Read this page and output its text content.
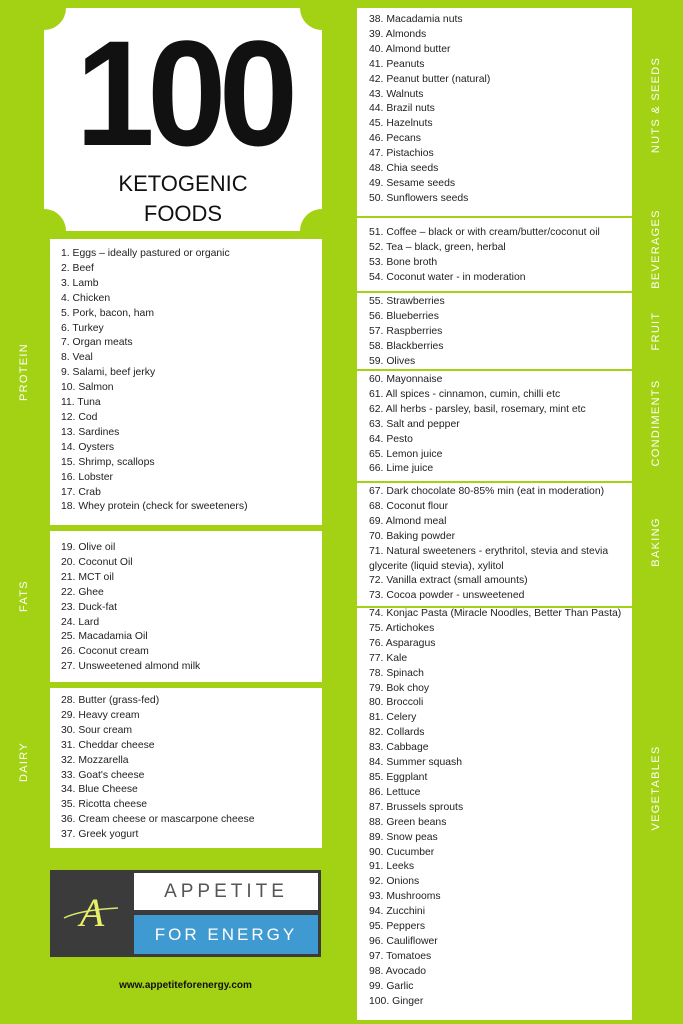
100
KETOGENIC
FOODS
1. Eggs – ideally pastured or organic
2. Beef
3. Lamb
4. Chicken
5. Pork, bacon, ham
6. Turkey
7. Organ meats
8. Veal
9. Salami, beef jerky
10. Salmon
11. Tuna
12. Cod
13. Sardines
14. Oysters
15. Shrimp, scallops
16. Lobster
17. Crab
18. Whey protein (check for sweeteners)
19. Olive oil
20. Coconut Oil
21. MCT oil
22. Ghee
23. Duck-fat
24. Lard
25. Macadamia Oil
26. Coconut cream
27. Unsweetened almond milk
28. Butter (grass-fed)
29. Heavy cream
30. Sour cream
31. Cheddar cheese
32. Mozzarella
33. Goat's cheese
34. Blue Cheese
35. Ricotta cheese
36. Cream cheese or mascarpone cheese
37. Greek yogurt
38. Macadamia nuts
39. Almonds
40. Almond butter
41. Peanuts
42. Peanut butter (natural)
43. Walnuts
44. Brazil nuts
45. Hazelnuts
46. Pecans
47. Pistachios
48. Chia seeds
49. Sesame seeds
50. Sunflowers seeds
51. Coffee – black or with cream/butter/coconut oil
52. Tea – black, green, herbal
53. Bone broth
54. Coconut water - in moderation
55. Strawberries
56. Blueberries
57. Raspberries
58. Blackberries
59. Olives
60. Mayonnaise
61. All spices - cinnamon, cumin, chilli etc
62. All herbs - parsley, basil, rosemary, mint etc
63. Salt and pepper
64. Pesto
65. Lemon juice
66. Lime juice
67. Dark chocolate 80-85% min (eat in moderation)
68. Coconut flour
69. Almond meal
70. Baking powder
71. Natural sweeteners - erythritol, stevia and stevia glycerite (liquid stevia), xylitol
72. Vanilla extract (small amounts)
73. Cocoa powder - unsweetened
74. Konjac Pasta (Miracle Noodles, Better Than Pasta)
75. Artichokes
76. Asparagus
77. Kale
78. Spinach
79. Bok choy
80. Broccoli
81. Celery
82. Collards
83. Cabbage
84. Summer squash
85. Eggplant
86. Lettuce
87. Brussels sprouts
88. Green beans
89. Snow peas
90. Cucumber
91. Leeks
92. Onions
93. Mushrooms
94. Zucchini
95. Peppers
96. Cauliflower
97. Tomatoes
98. Avocado
99. Garlic
100. Ginger
PROTEIN
FATS
DAIRY
NUTS & SEEDS
BEVERAGES
FRUIT
CONDIMENTS
BAKING
VEGETABLES
A	APPETITE
FOR ENERGY
www.appetiteforenergy.com
